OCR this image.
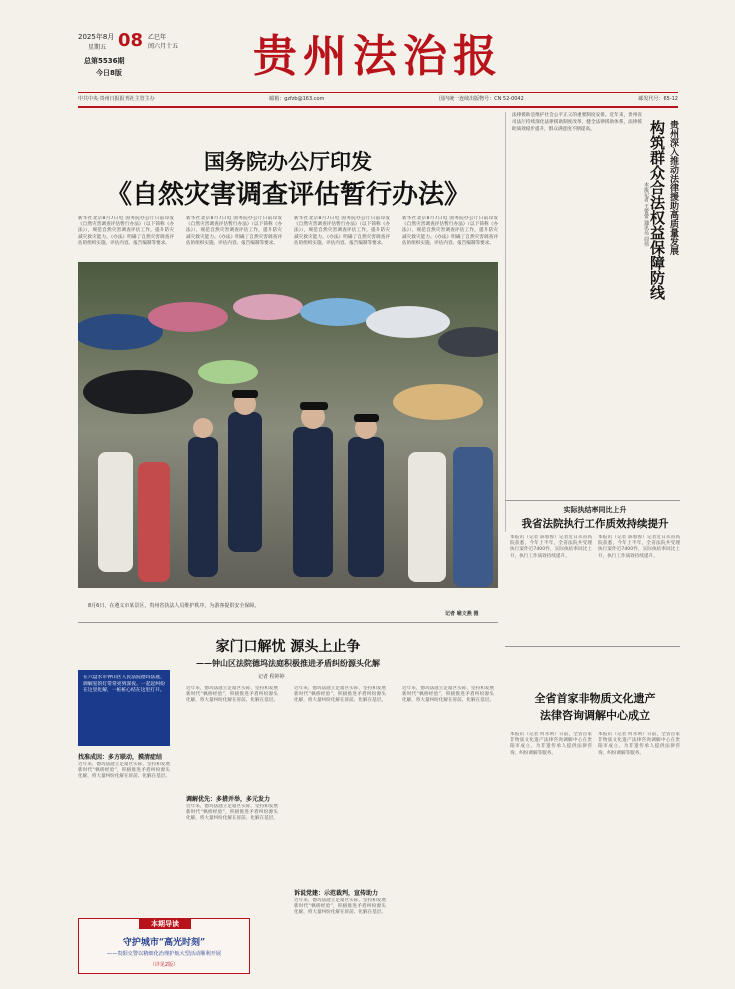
2025年8月
星期五 08 乙巳年
闰六月十五
总第5536期
今日8版	贵州法治报
中共中央·贵州日报报刊社主管主办	邮箱：gzfzb@163.com	国内统一连续出版物号：CN 52-0042	邮发代号：65-12
国务院办公厅印发
《自然灾害调查评估暂行办法》
新华社北京8月7日电 国务院办公厅日前印发《自然灾害调查评估暂行办法》（以下简称《办法》），规范自然灾害调查评估工作，提升防灾减灾救灾能力。《办法》明确了自然灾害调查评估的组织实施、评估内容、报告编制等要求。
新华社北京8月7日电 国务院办公厅日前印发《自然灾害调查评估暂行办法》（以下简称《办法》），规范自然灾害调查评估工作，提升防灾减灾救灾能力。《办法》明确了自然灾害调查评估的组织实施、评估内容、报告编制等要求。
新华社北京8月7日电 国务院办公厅日前印发《自然灾害调查评估暂行办法》（以下简称《办法》），规范自然灾害调查评估工作，提升防灾减灾救灾能力。《办法》明确了自然灾害调查评估的组织实施、评估内容、报告编制等要求。
新华社北京8月7日电 国务院办公厅日前印发《自然灾害调查评估暂行办法》（以下简称《办法》），规范自然灾害调查评估工作，提升防灾减灾救灾能力。《办法》明确了自然灾害调查评估的组织实施、评估内容、报告编制等要求。
法律援助是维护社会公平正义的重要制度安排。近年来，贵州省司法厅持续深化法律援助制度改革，健全法律援助体系，法律援助质效稳步提升，群众满意度不断提高。	贵州深入推动法律援助高质量发展
构筑群众合法权益保障防线
本报记者 王蕾蕾 通讯员 周伟
8月6日，在遵义市某景区，贵州省执法人员维护秩序，为游客提供安全保障。
记者 喻文燕 摄
实际执结率同比上升
我省法院执行工作质效持续提升
本报讯（记者 陈蓉蓉）记者近日从省高院获悉，今年上半年，全省法院共受理执行案件近7400件，实际执结率同比上升，执行工作质效持续提升。
本报讯（记者 陈蓉蓉）记者近日从省高院获悉，今年上半年，全省法院共受理执行案件近7400件，实际执结率同比上升，执行工作质效持续提升。
家门口解忧 源头上止争
——钟山区法院德坞法庭积极推进矛盾纠纷源头化解
记者 程婷婷
在六盘水市钟山区人民法院德坞法庭，调解室的灯常常亮到深夜。一起起纠纷在这里化解，一桩桩心结在这里打开。
找准成因：多方联动，摸清症结
近年来，德坞法庭立足辖区实际，坚持和发展新时代“枫桥经验”，积极推进矛盾纠纷源头化解，将大量纠纷化解在诉前、化解在基层。
近年来，德坞法庭立足辖区实际，坚持和发展新时代“枫桥经验”，积极推进矛盾纠纷源头化解，将大量纠纷化解在诉前、化解在基层。
调解优先：多措并举，多元发力
近年来，德坞法庭立足辖区实际，坚持和发展新时代“枫桥经验”，积极推进矛盾纠纷源头化解，将大量纠纷化解在诉前、化解在基层。
近年来，德坞法庭立足辖区实际，坚持和发展新时代“枫桥经验”，积极推进矛盾纠纷源头化解，将大量纠纷化解在诉前、化解在基层。
诉说党建：示范裁判，宣传助力
近年来，德坞法庭立足辖区实际，坚持和发展新时代“枫桥经验”，积极推进矛盾纠纷源头化解，将大量纠纷化解在诉前、化解在基层。
近年来，德坞法庭立足辖区实际，坚持和发展新时代“枫桥经验”，积极推进矛盾纠纷源头化解，将大量纠纷化解在诉前、化解在基层。	全省首家非物质文化遗产
法律咨询调解中心成立
本报讯（记者 何永利）日前，全省首家非物质文化遗产法律咨询调解中心在贵阳市成立，为非遗传承人提供法律咨询、纠纷调解等服务。
本报讯（记者 何永利）日前，全省首家非物质文化遗产法律咨询调解中心在贵阳市成立，为非遗传承人提供法律咨询、纠纷调解等服务。
本期导读
守护城市“高光时刻”
——贵阳交警以精细化治理护航大型活动顺利开展
（详见2版）
